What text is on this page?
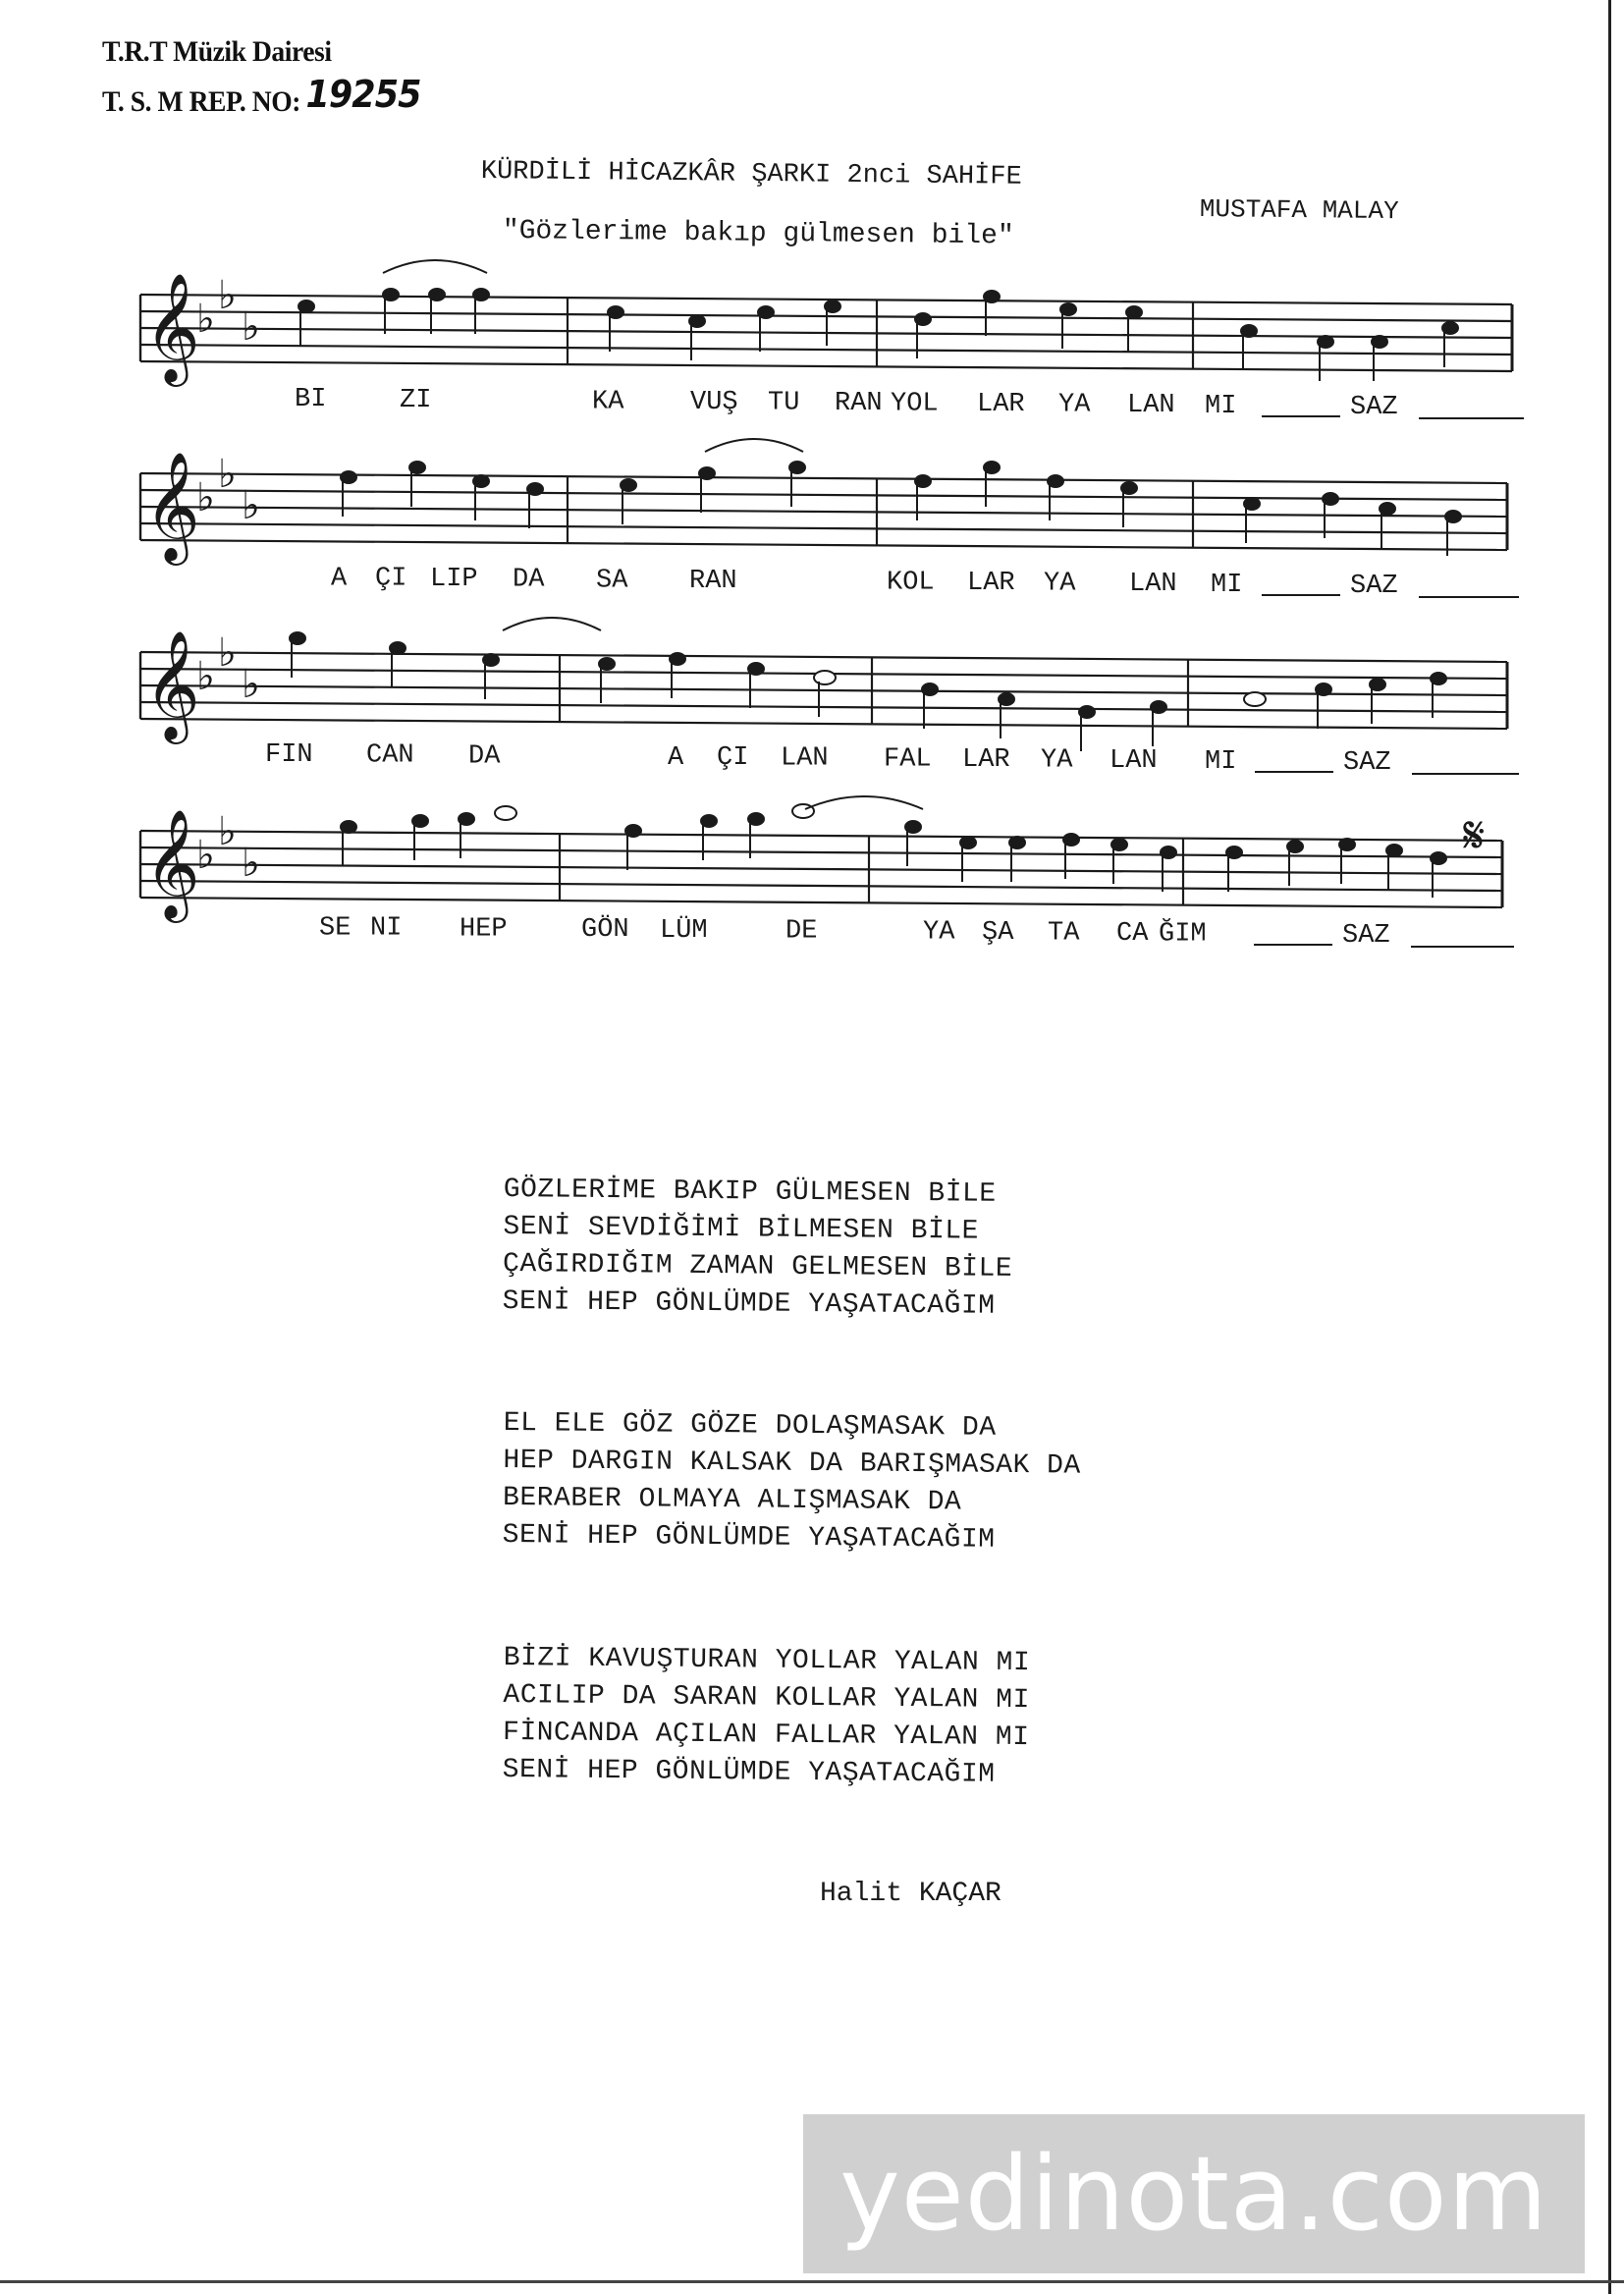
T.R.T Müzik Dairesi
T. S. M REP. NO: 19255
KÜRDİLİ HİCAZKÂR ŞARKI 2nci SAHİFE
MUSTAFA MALAY
"Gözlerime bakıp gülmesen bile"
𝄞
♭
♭
♭
BI	ZI	KA	VUŞ TU RAN YOL LAR YA LAN MI	SAZ
𝄞
♭
♭
♭
A ÇI LIP DA SA RAN	KOL LAR YA LAN MI	SAZ
𝄞
♭
♭
♭
FIN CAN DA	A ÇI LAN FAL LAR YA LAN MI	SAZ
𝄞
♭
♭
♭
SE NI HEP	GÖN LÜM	DE	YA ŞA TA CA ĞIM	SAZ
𝄋
GÖZLERİME BAKIP GÜLMESEN BİLE
SENİ SEVDİĞİMİ BİLMESEN BİLE
ÇAĞIRDIĞIM ZAMAN GELMESEN BİLE
SENİ HEP GÖNLÜMDE YAŞATACAĞIM
EL ELE GÖZ GÖZE DOLAŞMASAK DA
HEP DARGIN KALSAK DA BARIŞMASAK DA
BERABER OLMAYA ALIŞMASAK DA
SENİ HEP GÖNLÜMDE YAŞATACAĞIM
BİZİ KAVUŞTURAN YOLLAR YALAN MI
ACILIP DA SARAN KOLLAR YALAN MI
FİNCANDA AÇILAN FALLAR YALAN MI
SENİ HEP GÖNLÜMDE YAŞATACAĞIM
Halit KAÇAR
yedinota.com
